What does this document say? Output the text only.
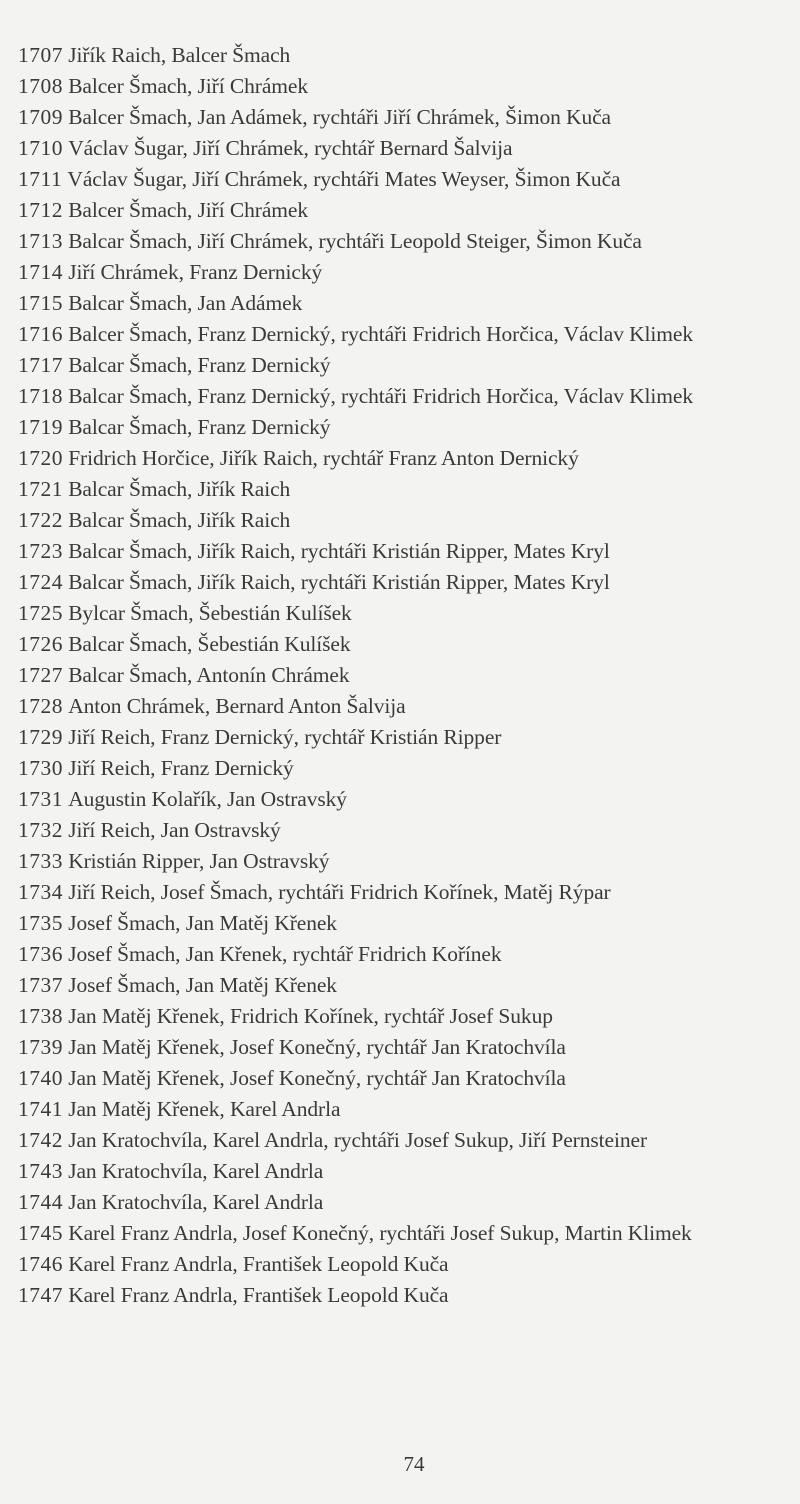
1707 Jiřík Raich, Balcer Šmach
1708 Balcer Šmach, Jiří Chrámek
1709 Balcer Šmach, Jan Adámek, rychtáři Jiří Chrámek, Šimon Kuča
1710 Václav Šugar, Jiří Chrámek, rychtář Bernard Šalvija
1711 Václav Šugar, Jiří Chrámek, rychtáři Mates Weyser, Šimon Kuča
1712 Balcer Šmach, Jiří Chrámek
1713 Balcar Šmach, Jiří Chrámek, rychtáři Leopold Steiger, Šimon Kuča
1714 Jiří Chrámek, Franz Dernický
1715 Balcar Šmach, Jan Adámek
1716 Balcer Šmach, Franz Dernický, rychtáři Fridrich Horčica, Václav Klimek
1717 Balcar Šmach, Franz Dernický
1718 Balcar Šmach, Franz Dernický, rychtáři Fridrich Horčica, Václav Klimek
1719 Balcar Šmach, Franz Dernický
1720 Fridrich Horčice, Jiřík Raich, rychtář Franz Anton Dernický
1721 Balcar Šmach, Jiřík Raich
1722 Balcar Šmach, Jiřík Raich
1723 Balcar Šmach, Jiřík Raich, rychtáři Kristián Ripper, Mates Kryl
1724 Balcar Šmach, Jiřík Raich, rychtáři Kristián Ripper, Mates Kryl
1725 Bylcar Šmach, Šebestián Kulíšek
1726 Balcar Šmach, Šebestián Kulíšek
1727 Balcar Šmach, Antonín Chrámek
1728 Anton Chrámek, Bernard Anton Šalvija
1729 Jiří Reich, Franz Dernický, rychtář Kristián Ripper
1730 Jiří Reich, Franz Dernický
1731 Augustin Kolařík, Jan Ostravský
1732 Jiří Reich, Jan Ostravský
1733 Kristián Ripper, Jan Ostravský
1734 Jiří Reich, Josef Šmach, rychtáři Fridrich Kořínek, Matěj Rýpar
1735 Josef Šmach, Jan Matěj Křenek
1736 Josef Šmach, Jan Křenek, rychtář Fridrich Kořínek
1737 Josef Šmach, Jan Matěj Křenek
1738 Jan Matěj Křenek, Fridrich Kořínek, rychtář Josef Sukup
1739 Jan Matěj Křenek, Josef Konečný, rychtář Jan Kratochvíla
1740 Jan Matěj Křenek, Josef Konečný, rychtář Jan Kratochvíla
1741 Jan Matěj Křenek, Karel Andrla
1742 Jan Kratochvíla, Karel Andrla, rychtáři Josef Sukup, Jiří Pernsteiner
1743 Jan Kratochvíla, Karel Andrla
1744 Jan Kratochvíla, Karel Andrla
1745 Karel Franz Andrla, Josef Konečný, rychtáři Josef Sukup, Martin Klimek
1746 Karel Franz Andrla, František Leopold Kuča
1747 Karel Franz Andrla, František Leopold Kuča
74
